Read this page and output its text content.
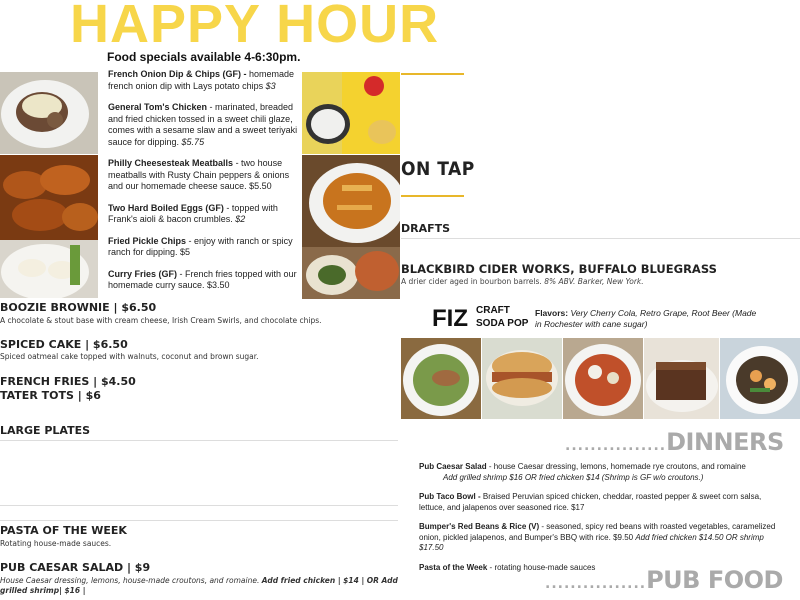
HAPPY HOUR
Food specials available 4-6:30pm.
French Onion Dip & Chips (GF) - homemade french onion dip with Lays potato chips $3
General Tom's Chicken - marinated, breaded and fried chicken tossed in a sweet chili glaze, comes with a sesame slaw and a sweet teriyaki sauce for dipping. $5.75
Philly Cheesesteak Meatballs - two house meatballs with Rusty Chain peppers & onions and our homemade cheese sauce. $5.50
Two Hard Boiled Eggs (GF) - topped with Frank's aioli & bacon crumbles. $2
Fried Pickle Chips - enjoy with ranch or spicy ranch for dipping. $5
Curry Fries (GF) - French fries topped with our homemade curry sauce. $3.50
BOOZIE BROWNIE | $6.50
A chocolate & stout base with cream cheese, Irish Cream Swirls, and chocolate chips.
SPICED CAKE | $6.50
Spiced oatmeal cake topped with walnuts, coconut and brown sugar.
FRENCH FRIES | $4.50
TATER TOTS | $6
LARGE PLATES
PASTA OF THE WEEK
Rotating house-made sauces.
PUB CAESAR SALAD | $9
House Caesar dressing, lemons, house-made croutons, and romaine. Add fried chicken | $14 | OR Add grilled shrimp| $16 |
ON TAP
DRAFTS
BLACKBIRD CIDER WORKS, BUFFALO BLUEGRASS
A drier cider aged in bourbon barrels. 8% ABV. Barker, New York.
FIZ CRAFT
SODA POP
Flavors: Very Cherry Cola, Retro Grape, Root Beer (Made in Rochester with cane sugar)
................DINNERS
Pub Caesar Salad - house Caesar dressing, lemons, homemade rye croutons, and romaine
Add grilled shrimp $16 OR fried chicken $14 (Shrimp is GF w/o croutons.)
Pub Taco Bowl - Braised Peruvian spiced chicken, cheddar, roasted pepper & sweet corn salsa, lettuce, and jalapenos over seasoned rice. $17
Bumper's Red Beans & Rice (V) - seasoned, spicy red beans with roasted vegetables, caramelized onion, pickled jalapenos, and Bumper's BBQ with rice. $9.50 Add fried chicken $14.50 OR shrimp $17.50
Pasta of the Week - rotating house-made sauces
................PUB FOOD
